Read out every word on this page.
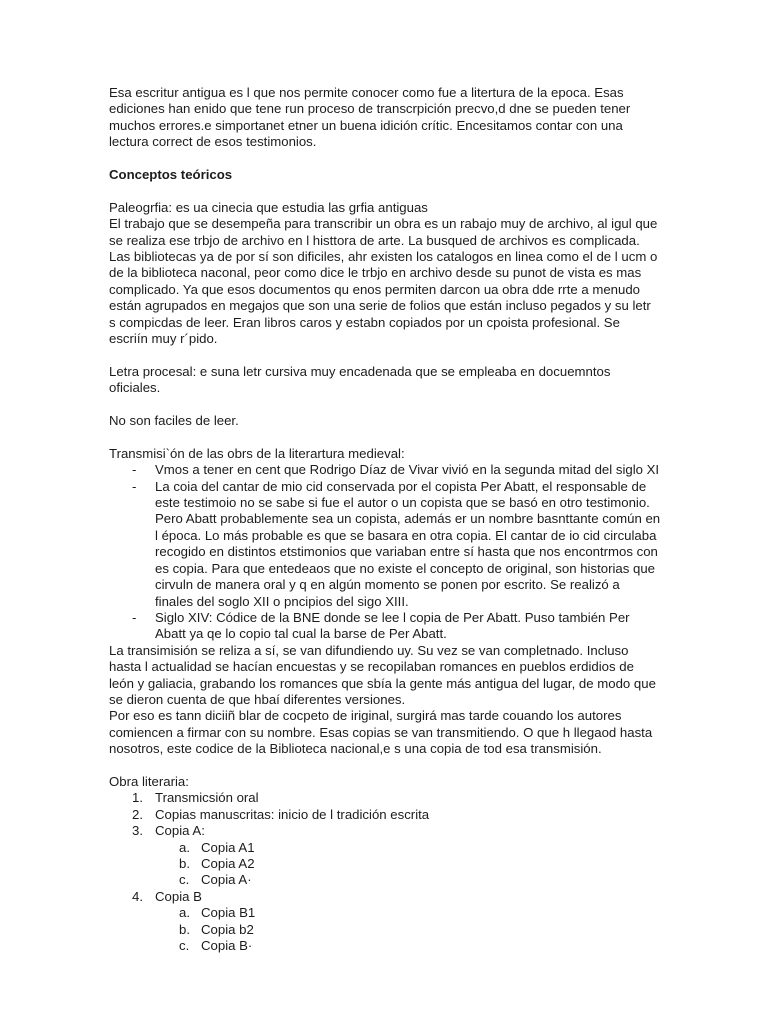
Esa escritur antigua es l que nos permite conocer como fue a litertura de la epoca. Esas ediciones han enido que tene run proceso de transcrpición precvo,d dne se pueden tener muchos errores.e simportanet etner un buena idición crític. Encesitamos contar con una lectura correct de esos testimonios.

Conceptos teóricos

Paleogrfia: es ua cinecia que estudia las grfia antiguas

El trabajo que se desempeña para transcribir un obra es un rabajo muy de archivo, al igul que se realiza ese trbjo de archivo en l histtora de arte. La busqued de archivos es complicada. Las bibliotecas ya de por sí son dificiles, ahr existen los catalogos en linea como el de l ucm o de la biblioteca naconal, peor como dice le trbjo en archivo desde su punot de vista es mas complicado. Ya que esos documentos qu enos permiten darcon ua obra dde rrte a menudo están agrupados en megajos que son una serie de folios que están incluso pegados y su letr s compicdas de leer. Eran libros caros y estabn copiados por un cpoista profesional. Se escriín muy r´pido.

Letra procesal: e suna letr cursiva muy encadenada que se empleaba en docuemntos oficiales.

No son faciles de leer.

Transmisi`ón de las obrs de la literartura medieval:

- Vmos a tener en cent que Rodrigo Díaz de Vivar vivió en la segunda mitad del siglo XI
- La coia del cantar de mio cid conservada por el copista Per Abatt, el responsable de este testimoio no se sabe si fue el autor o un copista que se basó en otro testimonio. Pero Abatt probablemente sea un copista, además er un nombre basnttante común en l época. Lo más probable es que se basara en otra copia. El cantar de io cid circulaba recogido en distintos etstimonios que variaban entre sí hasta que nos encontrmos con es copia. Para que entedeaos que no existe el concepto de original, son historias que cirvuln de manera oral y q en algún momento se ponen por escrito. Se realizó a finales del soglo XII o pncipios del sigo XIII.
- Siglo XIV: Códice de la BNE donde se lee l copia de Per Abatt. Puso también Per Abatt ya qe lo copio tal cual la barse de Per Abatt.

La transimisión se reliza a sí, se van difundiendo uy. Su vez se van completnado. Incluso hasta l actualidad se hacían encuestas y se recopilaban romances en pueblos erdidios de león y galiacia, grabando los romances que sbía la gente más antigua del lugar, de modo que se dieron cuenta de que hbaí diferentes versiones.

Por eso es tann diciiñ blar de cocpeto de iriginal, surgirá mas tarde couando los autores comiencen a firmar con su nombre. Esas copias se van transmitiendo. O que h llegaod hasta nosotros, este codice de la Biblioteca nacional,e s una copia de tod esa transmisión.

Obra literaria:

1. Transmicsión oral
2. Copias manuscritas: inicio de l tradición escrita
3. Copia A:
a. Copia A1
b. Copia A2
c. Copia A·
4. Copia B
a. Copia B1
b. Copia b2
c. Copia B·
